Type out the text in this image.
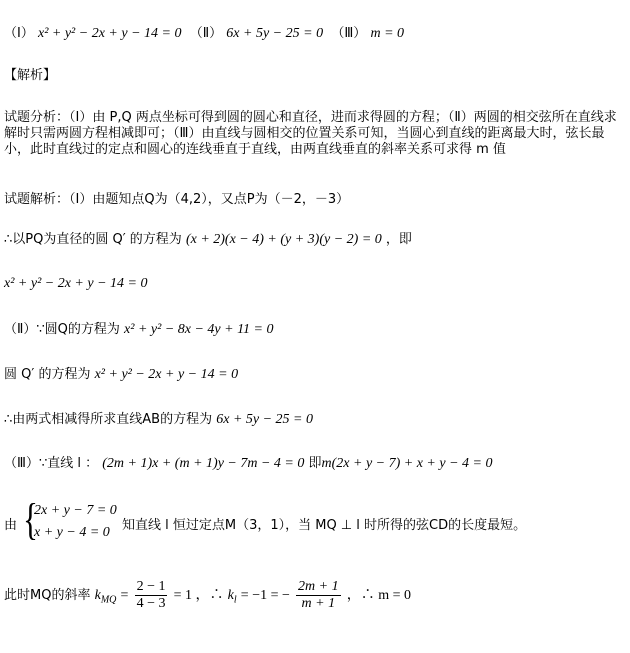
（Ⅰ） x² + y² − 2x + y − 14 = 0 （Ⅱ） 6x + 5y − 25 = 0 （Ⅲ） m = 0
【解析】
试题分析：（Ⅰ）由 P,Q 两点坐标可得到圆的圆心和直径，进而求得圆的方程；（Ⅱ）两圆的相交弦所在直线求解时只需两圆方程相减即可；（Ⅲ）由直线与圆相交的位置关系可知，当圆心到直线的距离最大时，弦长最小，此时直线过的定点和圆心的连线垂直于直线，由两直线垂直的斜率关系可求得 m 值
试题解析：（Ⅰ）由题知点Q为（4,2），又点P为（－2，－3）
∴以PQ为直径的圆 Q′ 的方程为 (x + 2)(x − 4) + (y + 3)(y − 2) = 0 ，即
x² + y² − 2x + y − 14 = 0
（Ⅱ）∵圆Q的方程为 x² + y² − 8x − 4y + 11 = 0
圆 Q′ 的方程为 x² + y² − 2x + y − 14 = 0
∴由两式相减得所求直线AB的方程为 6x + 5y − 25 = 0
（Ⅲ）∵直线 l ： (2m + 1)x + (m + 1)y − 7m − 4 = 0 即m(2x + y − 7) + x + y − 4 = 0
由 {
2x + y − 7 = 0
x + y − 4 = 0 知直线 l 恒过定点M（3，1），当 MQ ⊥ l 时所得的弦CD的长度最短。
此时MQ的斜率 $k_{MQ} = \frac{2 - 1}{4 - 3} = 1$ ，∴ $k_l = -1$ = − $\frac{2m + 1}{m + 1}$ ，∴ m = 0
